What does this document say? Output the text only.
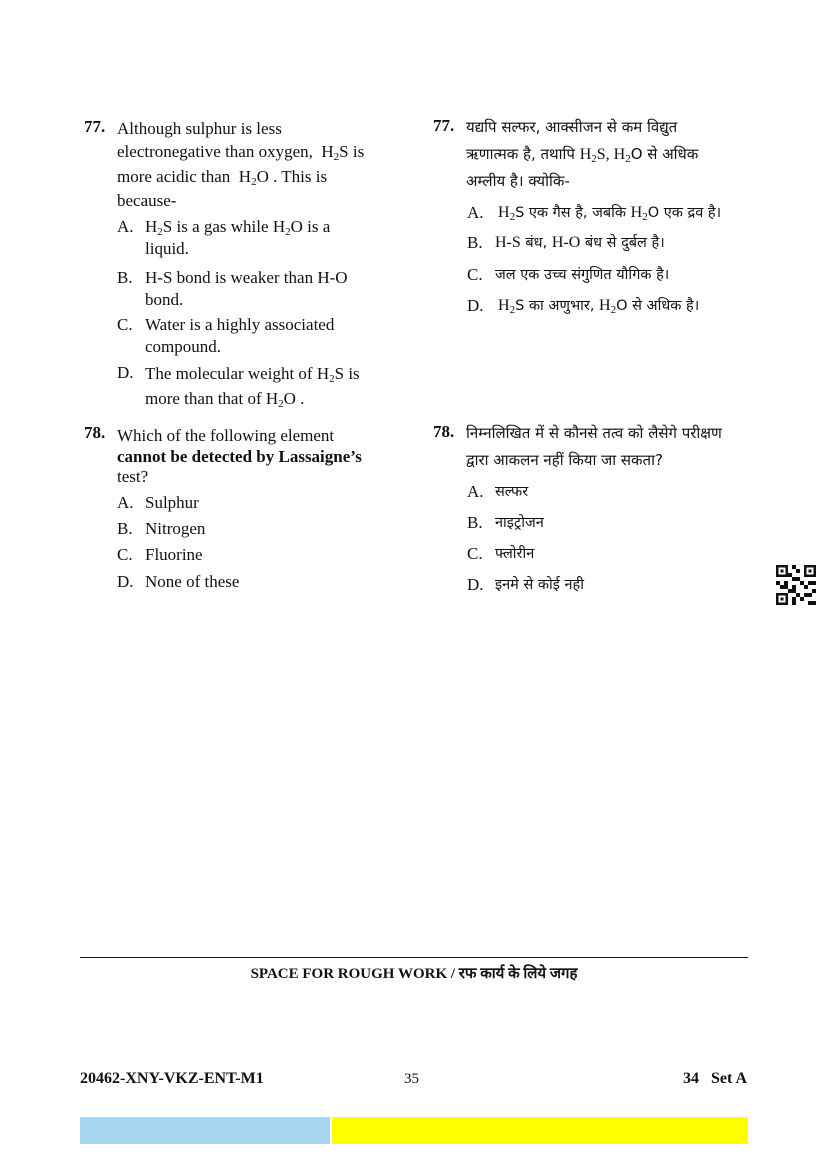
77. Although sulphur is less
electronegative than oxygen, $H_2S$ is
more acidic than $H_2O$ . This is
because-
A. $H_2S$ is a gas while $H_2O$ is a
liquid.
B. H-S bond is weaker than H-O
bond.
C. Water is a highly associated
compound.
D. The molecular weight of $H_2S$ is
more than that of $H_2O$ .
77. यद्यपि सल्फर, आक्सीजन से कम विद्युत
ऋणात्मक है, तथापि $H_2S$, $H_2O$ से अधिक
अम्लीय है। क्योकि-
A. $H_2S$ एक गैस है, जबकि $H_2O$ एक द्रव है।
B. H-S बंध, H-O बंध से दुर्बल है।
C. जल एक उच्च संगुणित यौगिक है।
D. $H_2S$ का अणुभार, $H_2O$ से अधिक है।
78. Which of the following element
cannot be detected by Lassaigne’s
test?
A. Sulphur
B. Nitrogen
C. Fluorine
D. None of these
78. निम्नलिखित में से कौनसे तत्व को लैसेगे परीक्षण
द्वारा आकलन नहीं किया जा सकता?
A. सल्फर
B. नाइट्रोजन
C. फ्लोरीन
D. इनमे से कोई नही
SPACE FOR ROUGH WORK / रफ कार्य के लिये जगह
20462-XNY-VKZ-ENT-M1	35	34   Set A
